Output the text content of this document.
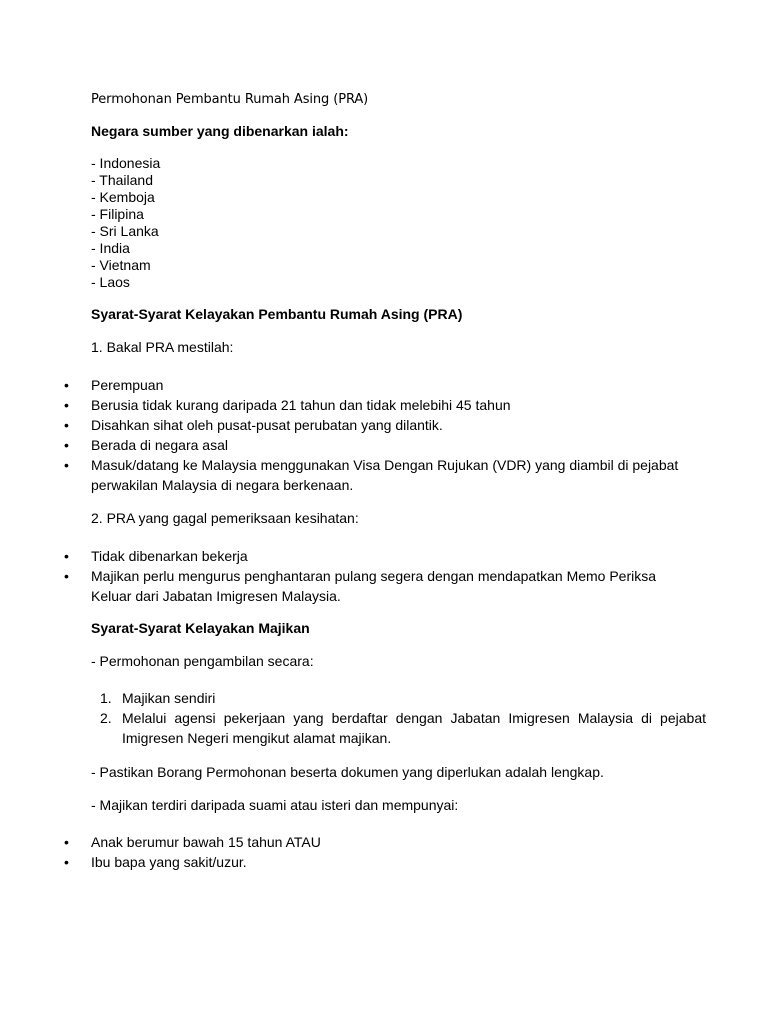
Permohonan Pembantu Rumah Asing (PRA)
Negara sumber yang dibenarkan ialah:
- Indonesia
- Thailand
- Kemboja
- Filipina
- Sri Lanka
- India
- Vietnam
- Laos
Syarat-Syarat Kelayakan Pembantu Rumah Asing (PRA)
1. Bakal PRA mestilah:
• Perempuan
• Berusia tidak kurang daripada 21 tahun dan tidak melebihi 45 tahun
• Disahkan sihat oleh pusat-pusat perubatan yang dilantik.
• Berada di negara asal
• Masuk/datang ke Malaysia menggunakan Visa Dengan Rujukan (VDR) yang diambil di pejabat perwakilan Malaysia di negara berkenaan.
2. PRA yang gagal pemeriksaan kesihatan:
• Tidak dibenarkan bekerja
• Majikan perlu mengurus penghantaran pulang segera dengan mendapatkan Memo Periksa Keluar dari Jabatan Imigresen Malaysia.
Syarat-Syarat Kelayakan Majikan
- Permohonan pengambilan secara:
1. Majikan sendiri
2. Melalui agensi pekerjaan yang berdaftar dengan Jabatan Imigresen Malaysia di pejabat Imigresen Negeri mengikut alamat majikan.
- Pastikan Borang Permohonan beserta dokumen yang diperlukan adalah lengkap.
- Majikan terdiri daripada suami atau isteri dan mempunyai:
• Anak berumur bawah 15 tahun ATAU
• Ibu bapa yang sakit/uzur.
